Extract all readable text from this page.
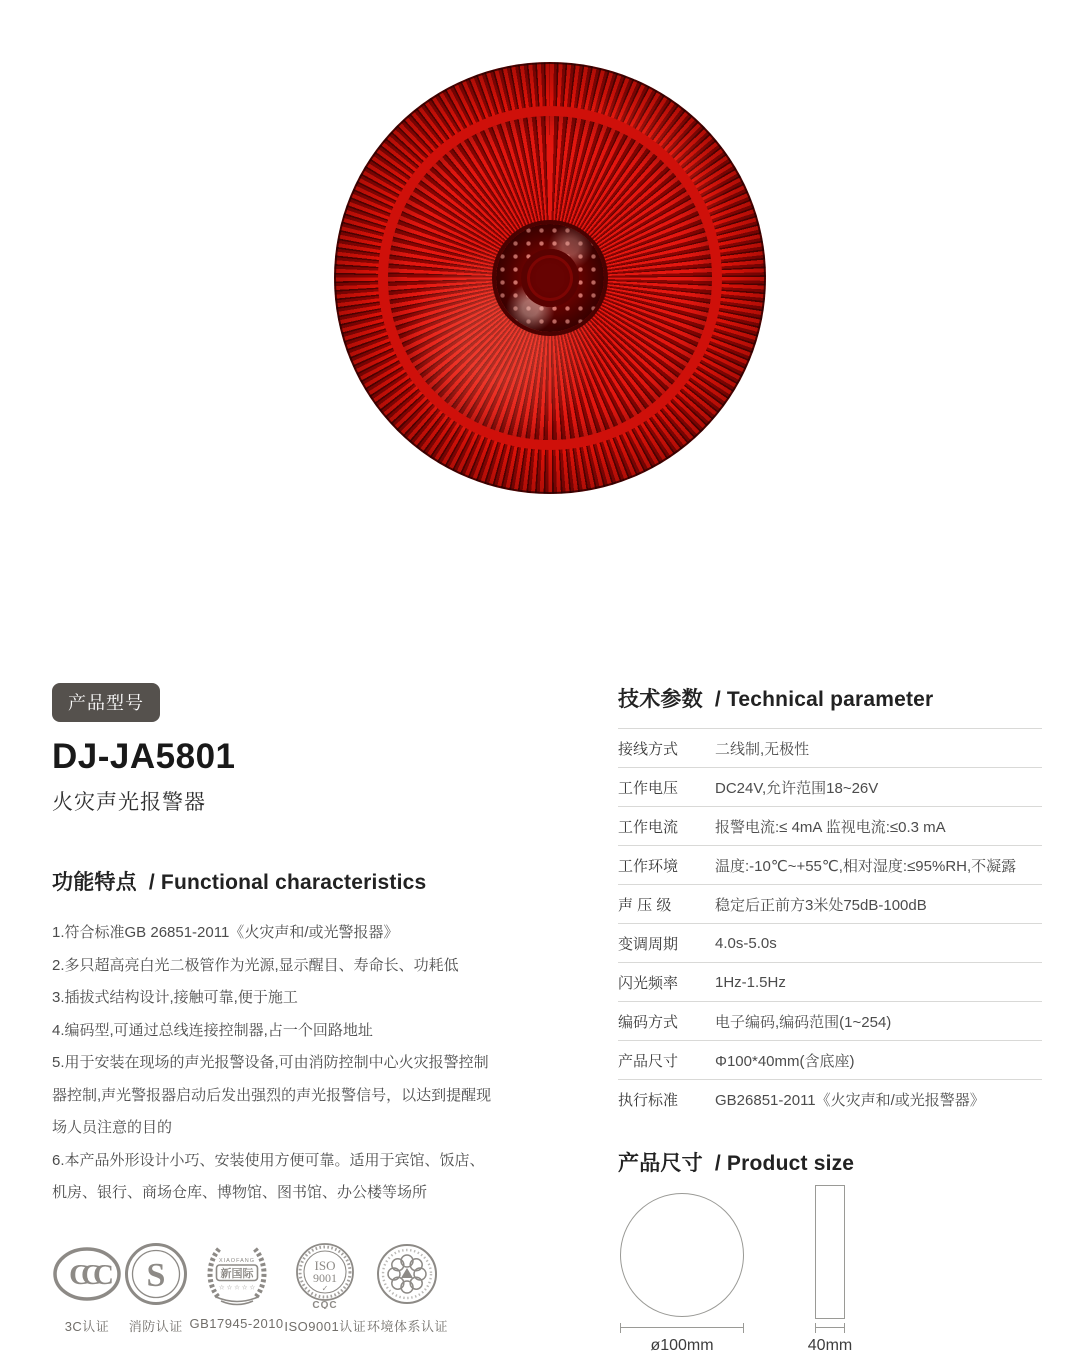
产品型号
DJ-JA5801
火灾声光报警器
功能特点 / Functional characteristics
1.符合标准GB 26851-2011《火灾声和/或光警报器》
2.多只超高亮白光二极管作为光源,显示醒目、寿命长、功耗低
3.插拔式结构设计,接触可靠,便于施工
4.编码型,可通过总线连接控制器,占一个回路地址
5.用于安装在现场的声光报警设备,可由消防控制中心火灾报警控制器控制,声光警报器启动后发出强烈的声光报警信号，以达到提醒现场人员注意的目的
6.本产品外形设计小巧、安装使用方便可靠。适用于宾馆、饭店、机房、银行、商场仓库、博物馆、图书馆、办公楼等场所
CCC
3C认证
S
消防认证
XIAOFANG
新国际
☆ ☆ ☆ ☆ ☆
GB17945-2010
ISO
9001
✓
CQC
ISO9001认证 环境体系认证
技术参数 / Technical parameter
接线方式	二线制,无极性
工作电压	DC24V,允许范围18~26V
工作电流	报警电流:≤ 4mA 监视电流:≤0.3 mA
工作环境	温度:-10℃~+55℃,相对湿度:≤95%RH,不凝露
声 压 级	稳定后正前方3米处75dB-100dB
变调周期	4.0s-5.0s
闪光频率	1Hz-1.5Hz
编码方式	电子编码,编码范围(1~254)
产品尺寸	Φ100*40mm(含底座)
执行标准	GB26851-2011《火灾声和/或光报警器》
产品尺寸 / Product size
ø100mm	40mm
